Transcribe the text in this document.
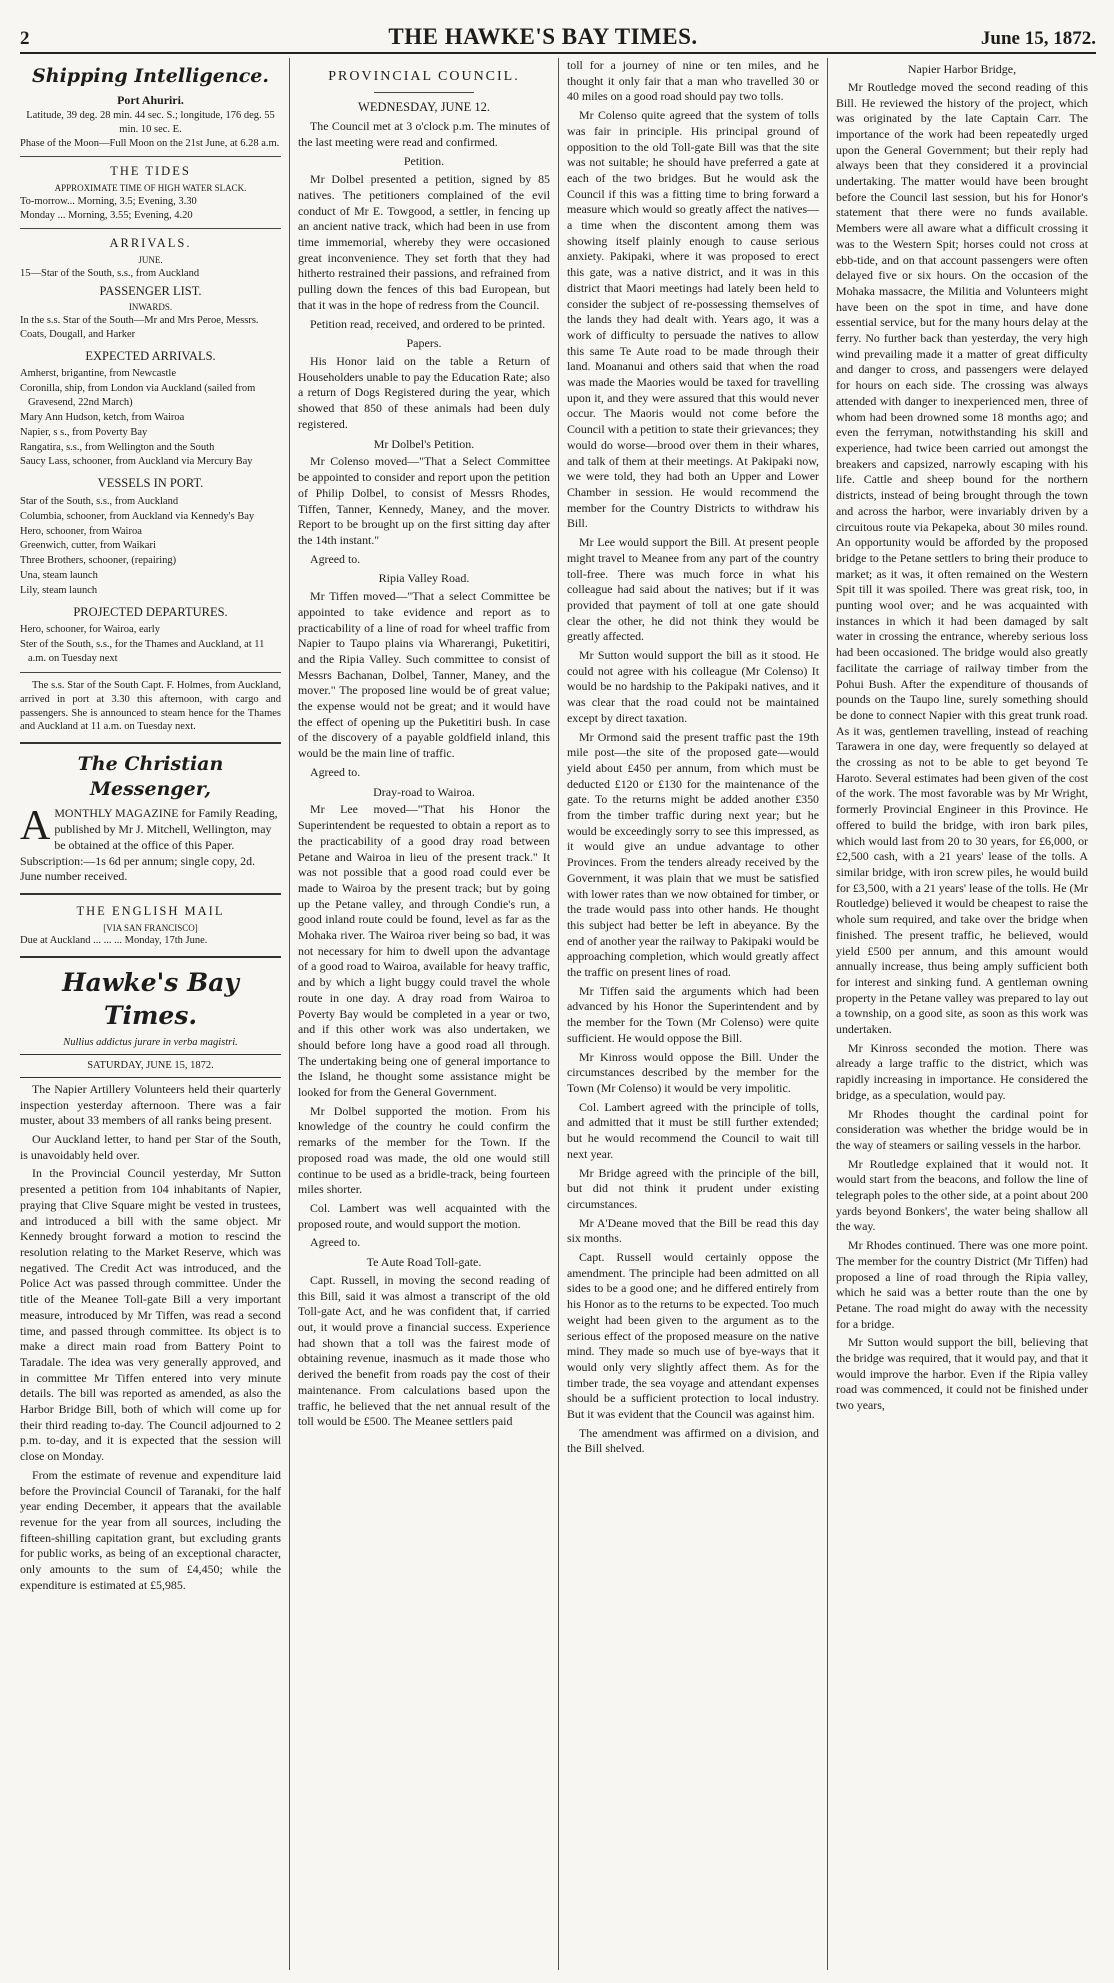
2	THE HAWKE'S BAY TIMES.	June 15, 1872.
Shipping Intelligence.
Port Ahuriri.
Latitude, 39 deg. 28 min. 44 sec. S.; longitude, 176 deg. 55 min. 10 sec. E.
Phase of the Moon—Full Moon on the 21st June, at 6.28 a.m.
THE TIDES
APPROXIMATE TIME OF HIGH WATER SLACK.
To-morrow... Morning, 3.5; Evening, 3.30
Monday ... Morning, 3.55; Evening, 4.20
ARRIVALS.
JUNE.
15—Star of the South, s.s., from Auckland
PASSENGER LIST.
INWARDS.
In the s.s. Star of the South—Mr and Mrs Peroe, Messrs. Coats, Dougall, and Harker
EXPECTED ARRIVALS.
Amherst, brigantine, from Newcastle
Coronilla, ship, from London via Auckland (sailed from Gravesend, 22nd March)
Mary Ann Hudson, ketch, from Wairoa
Napier, s s., from Poverty Bay
Rangatira, s.s., from Wellington and the South
Saucy Lass, schooner, from Auckland via Mercury Bay
VESSELS IN PORT.
Star of the South, s.s., from Auckland
Columbia, schooner, from Auckland via Kennedy's Bay
Hero, schooner, from Wairoa
Greenwich, cutter, from Waikari
Three Brothers, schooner, (repairing)
Una, steam launch
Lily, steam launch
PROJECTED DEPARTURES.
Hero, schooner, for Wairoa, early
Ster of the South, s.s., for the Thames and Auckland, at 11 a.m. on Tuesday next

The s.s. Star of the South Capt. F. Holmes, from Auckland, arrived in port at 3.30 this afternoon, with cargo and passengers. She is announced to steam hence for the Thames and Auckland at 11 a.m. on Tuesday next.

The Christian Messenger,
A MONTHLY MAGAZINE for Family Reading, published by Mr J. Mitchell, Wellington, may be obtained at the office of this Paper.
Subscription:—1s 6d per annum; single copy, 2d.
June number received.
THE ENGLISH MAIL
[VIA SAN FRANCISCO]
Due at Auckland ... ... ... Monday, 17th June.
Hawke's Bay Times.
Nullius addictus jurare in verba magistri.
SATURDAY, JUNE 15, 1872.

The Napier Artillery Volunteers held their quarterly inspection yesterday afternoon. There was a fair muster, about 33 members of all ranks being present.

Our Auckland letter, to hand per Star of the South, is unavoidably held over.

In the Provincial Council yesterday, Mr Sutton presented a petition from 104 inhabitants of Napier, praying that Clive Square might be vested in trustees, and introduced a bill with the same object. Mr Kennedy brought forward a motion to rescind the resolution relating to the Market Reserve, which was negatived. The Credit Act was introduced, and the Police Act was passed through committee. Under the title of the Meanee Toll-gate Bill a very important measure, introduced by Mr Tiffen, was read a second time, and passed through committee. Its object is to make a direct main road from Battery Point to Taradale. The idea was very generally approved, and in committee Mr Tiffen entered into very minute details. The bill was reported as amended, as also the Harbor Bridge Bill, both of which will come up for their third reading to-day. The Council adjourned to 2 p.m. to-day, and it is expected that the session will close on Monday.

From the estimate of revenue and expenditure laid before the Provincial Council of Taranaki, for the half year ending December, it appears that the available revenue for the year from all sources, including the fifteen-shilling capitation grant, but excluding grants for public works, as being of an exceptional character, only amounts to the sum of £4,450; while the expenditure is estimated at £5,985.

PROVINCIAL COUNCIL.
WEDNESDAY, JUNE 12.

The Council met at 3 o'clock p.m. The minutes of the last meeting were read and confirmed.

Petition.

Mr Dolbel presented a petition, signed by 85 natives. The petitioners complained of the evil conduct of Mr E. Towgood, a settler, in fencing up an ancient native track, which had been in use from time immemorial, whereby they were occasioned great inconvenience. They set forth that they had hitherto restrained their passions, and refrained from pulling down the fences of this bad European, but that it was in the hope of redress from the Council.

Petition read, received, and ordered to be printed.

Papers.

His Honor laid on the table a Return of Householders unable to pay the Education Rate; also a return of Dogs Registered during the year, which showed that 850 of these animals had been duly registered.

Mr Dolbel's Petition.

Mr Colenso moved—"That a Select Committee be appointed to consider and report upon the petition of Philip Dolbel, to consist of Messrs Rhodes, Tiffen, Tanner, Kennedy, Maney, and the mover. Report to be brought up on the first sitting day after the 14th instant."

Agreed to.

Ripia Valley Road.

Mr Tiffen moved—"That a select Committee be appointed to take evidence and report as to practicability of a line of road for wheel traffic from Napier to Taupo plains via Wharerangi, Puketitiri, and the Ripia Valley. Such committee to consist of Messrs Bachanan, Dolbel, Tanner, Maney, and the mover." The proposed line would be of great value; the expense would not be great; and it would have the effect of opening up the Puketitiri bush. In case of the discovery of a payable goldfield inland, this would be the main line of traffic.

Agreed to.

Dray-road to Wairoa.

Mr Lee moved—"That his Honor the Superintendent be requested to obtain a report as to the practicability of a good dray road between Petane and Wairoa in lieu of the present track." It was not possible that a good road could ever be made to Wairoa by the present track; but by going up the Petane valley, and through Condie's run, a good inland route could be found, level as far as the Mohaka river. The Wairoa river being so bad, it was not necessary for him to dwell upon the advantage of a good road to Wairoa, available for heavy traffic, and by which a light buggy could travel the whole route in one day. A dray road from Wairoa to Poverty Bay would be completed in a year or two, and if this other work was also undertaken, we should before long have a good road all through. The undertaking being one of general importance to the Island, he thought some assistance might be looked for from the General Government.

Mr Dolbel supported the motion. From his knowledge of the country he could confirm the remarks of the member for the Town. If the proposed road was made, the old one would still continue to be used as a bridle-track, being fourteen miles shorter.

Col. Lambert was well acquainted with the proposed route, and would support the motion.

Agreed to.

Te Aute Road Toll-gate.

Capt. Russell, in moving the second reading of this Bill, said it was almost a transcript of the old Toll-gate Act, and he was confident that, if carried out, it would prove a financial success. Experience had shown that a toll was the fairest mode of obtaining revenue, inasmuch as it made those who derived the benefit from roads pay the cost of their maintenance. From calculations based upon the traffic, he believed that the net annual result of the toll would be £500. The Meanee settlers paid

toll for a journey of nine or ten miles, and he thought it only fair that a man who travelled 30 or 40 miles on a good road should pay two tolls.

Mr Colenso quite agreed that the system of tolls was fair in principle. His principal ground of opposition to the old Toll-gate Bill was that the site was not suitable; he should have preferred a gate at each of the two bridges. But he would ask the Council if this was a fitting time to bring forward a measure which would so greatly affect the natives—a time when the discontent among them was showing itself plainly enough to cause serious anxiety. Pakipaki, where it was proposed to erect this gate, was a native district, and it was in this district that Maori meetings had lately been held to consider the subject of re-possessing themselves of the lands they had dealt with. Years ago, it was a work of difficulty to persuade the natives to allow this same Te Aute road to be made through their land. Moananui and others said that when the road was made the Maories would be taxed for travelling upon it, and they were assured that this would never occur. The Maoris would not come before the Council with a petition to state their grievances; they would do worse—brood over them in their whares, and talk of them at their meetings. At Pakipaki now, we were told, they had both an Upper and Lower Chamber in session. He would recommend the member for the Country Districts to withdraw his Bill.

Mr Lee would support the Bill. At present people might travel to Meanee from any part of the country toll-free. There was much force in what his colleague had said about the natives; but if it was provided that payment of toll at one gate should clear the other, he did not think they would be greatly affected.

Mr Sutton would support the bill as it stood. He could not agree with his colleague (Mr Colenso) It would be no hardship to the Pakipaki natives, and it was clear that the road could not be maintained except by direct taxation.

Mr Ormond said the present traffic past the 19th mile post—the site of the proposed gate—would yield about £450 per annum, from which must be deducted £120 or £130 for the maintenance of the gate. To the returns might be added another £350 from the timber traffic during next year; but he would be exceedingly sorry to see this impressed, as it would give an undue advantage to other Provinces. From the tenders already received by the Government, it was plain that we must be satisfied with lower rates than we now obtained for timber, or the trade would pass into other hands. He thought this subject had better be left in abeyance. By the end of another year the railway to Pakipaki would be approaching completion, which would greatly affect the traffic on present lines of road.

Mr Tiffen said the arguments which had been advanced by his Honor the Superintendent and by the member for the Town (Mr Colenso) were quite sufficient. He would oppose the Bill.

Mr Kinross would oppose the Bill. Under the circumstances described by the member for the Town (Mr Colenso) it would be very impolitic.

Col. Lambert agreed with the principle of tolls, and admitted that it must be still further extended; but he would recommend the Council to wait till next year.

Mr Bridge agreed with the principle of the bill, but did not think it prudent under existing circumstances.

Mr A'Deane moved that the Bill be read this day six months.

Capt. Russell would certainly oppose the amendment. The principle had been admitted on all sides to be a good one; and he differed entirely from his Honor as to the returns to be expected. Too much weight had been given to the argument as to the serious effect of the proposed measure on the native mind. They made so much use of bye-ways that it would only very slightly affect them. As for the timber trade, the sea voyage and attendant expenses should be a sufficient protection to local industry. But it was evident that the Council was against him.

The amendment was affirmed on a division, and the Bill shelved.

Napier Harbor Bridge,

Mr Routledge moved the second reading of this Bill. He reviewed the history of the project, which was originated by the late Captain Carr. The importance of the work had been repeatedly urged upon the General Government; but their reply had always been that they considered it a provincial undertaking. The matter would have been brought before the Council last session, but his for Honor's statement that there were no funds available. Members were all aware what a difficult crossing it was to the Western Spit; horses could not cross at ebb-tide, and on that account passengers were often delayed five or six hours. On the occasion of the Mohaka massacre, the Militia and Volunteers might have been on the spot in time, and have done essential service, but for the many hours delay at the ferry. No further back than yesterday, the very high wind prevailing made it a matter of great difficulty and danger to cross, and passengers were delayed for hours on each side. The crossing was always attended with danger to inexperienced men, three of whom had been drowned some 18 months ago; and even the ferryman, notwithstanding his skill and experience, had twice been carried out amongst the breakers and capsized, narrowly escaping with his life. Cattle and sheep bound for the northern districts, instead of being brought through the town and across the harbor, were invariably driven by a circuitous route via Pekapeka, about 30 miles round. An opportunity would be afforded by the proposed bridge to the Petane settlers to bring their produce to market; as it was, it often remained on the Western Spit till it was spoiled. There was great risk, too, in punting wool over; and he was acquainted with instances in which it had been damaged by salt water in crossing the entrance, whereby serious loss had been occasioned. The bridge would also greatly facilitate the carriage of railway timber from the Pohui Bush. After the expenditure of thousands of pounds on the Taupo line, surely something should be done to connect Napier with this great trunk road. As it was, gentlemen travelling, instead of reaching Tarawera in one day, were frequently so delayed at the crossing as not to be able to get beyond Te Haroto. Several estimates had been given of the cost of the work. The most favorable was by Mr Wright, formerly Provincial Engineer in this Province. He offered to build the bridge, with iron bark piles, which would last from 20 to 30 years, for £6,000, or £2,500 cash, with a 21 years' lease of the tolls. A similar bridge, with iron screw piles, he would build for £3,500, with a 21 years' lease of the tolls. He (Mr Routledge) believed it would be cheapest to raise the whole sum required, and take over the bridge when finished. The present traffic, he believed, would yield £500 per annum, and this amount would annually increase, thus being amply sufficient both for interest and sinking fund. A gentleman owning property in the Petane valley was prepared to lay out a township, on a good site, as soon as this work was undertaken.

Mr Kinross seconded the motion. There was already a large traffic to the district, which was rapidly increasing in importance. He considered the bridge, as a speculation, would pay.

Mr Rhodes thought the cardinal point for consideration was whether the bridge would be in the way of steamers or sailing vessels in the harbor.

Mr Routledge explained that it would not. It would start from the beacons, and follow the line of telegraph poles to the other side, at a point about 200 yards beyond Bonkers', the water being shallow all the way.

Mr Rhodes continued. There was one more point. The member for the country District (Mr Tiffen) had proposed a line of road through the Ripia valley, which he said was a better route than the one by Petane. The road might do away with the necessity for a bridge.

Mr Sutton would support the bill, believing that the bridge was required, that it would pay, and that it would improve the harbor. Even if the Ripia valley road was commenced, it could not be finished under two years,
